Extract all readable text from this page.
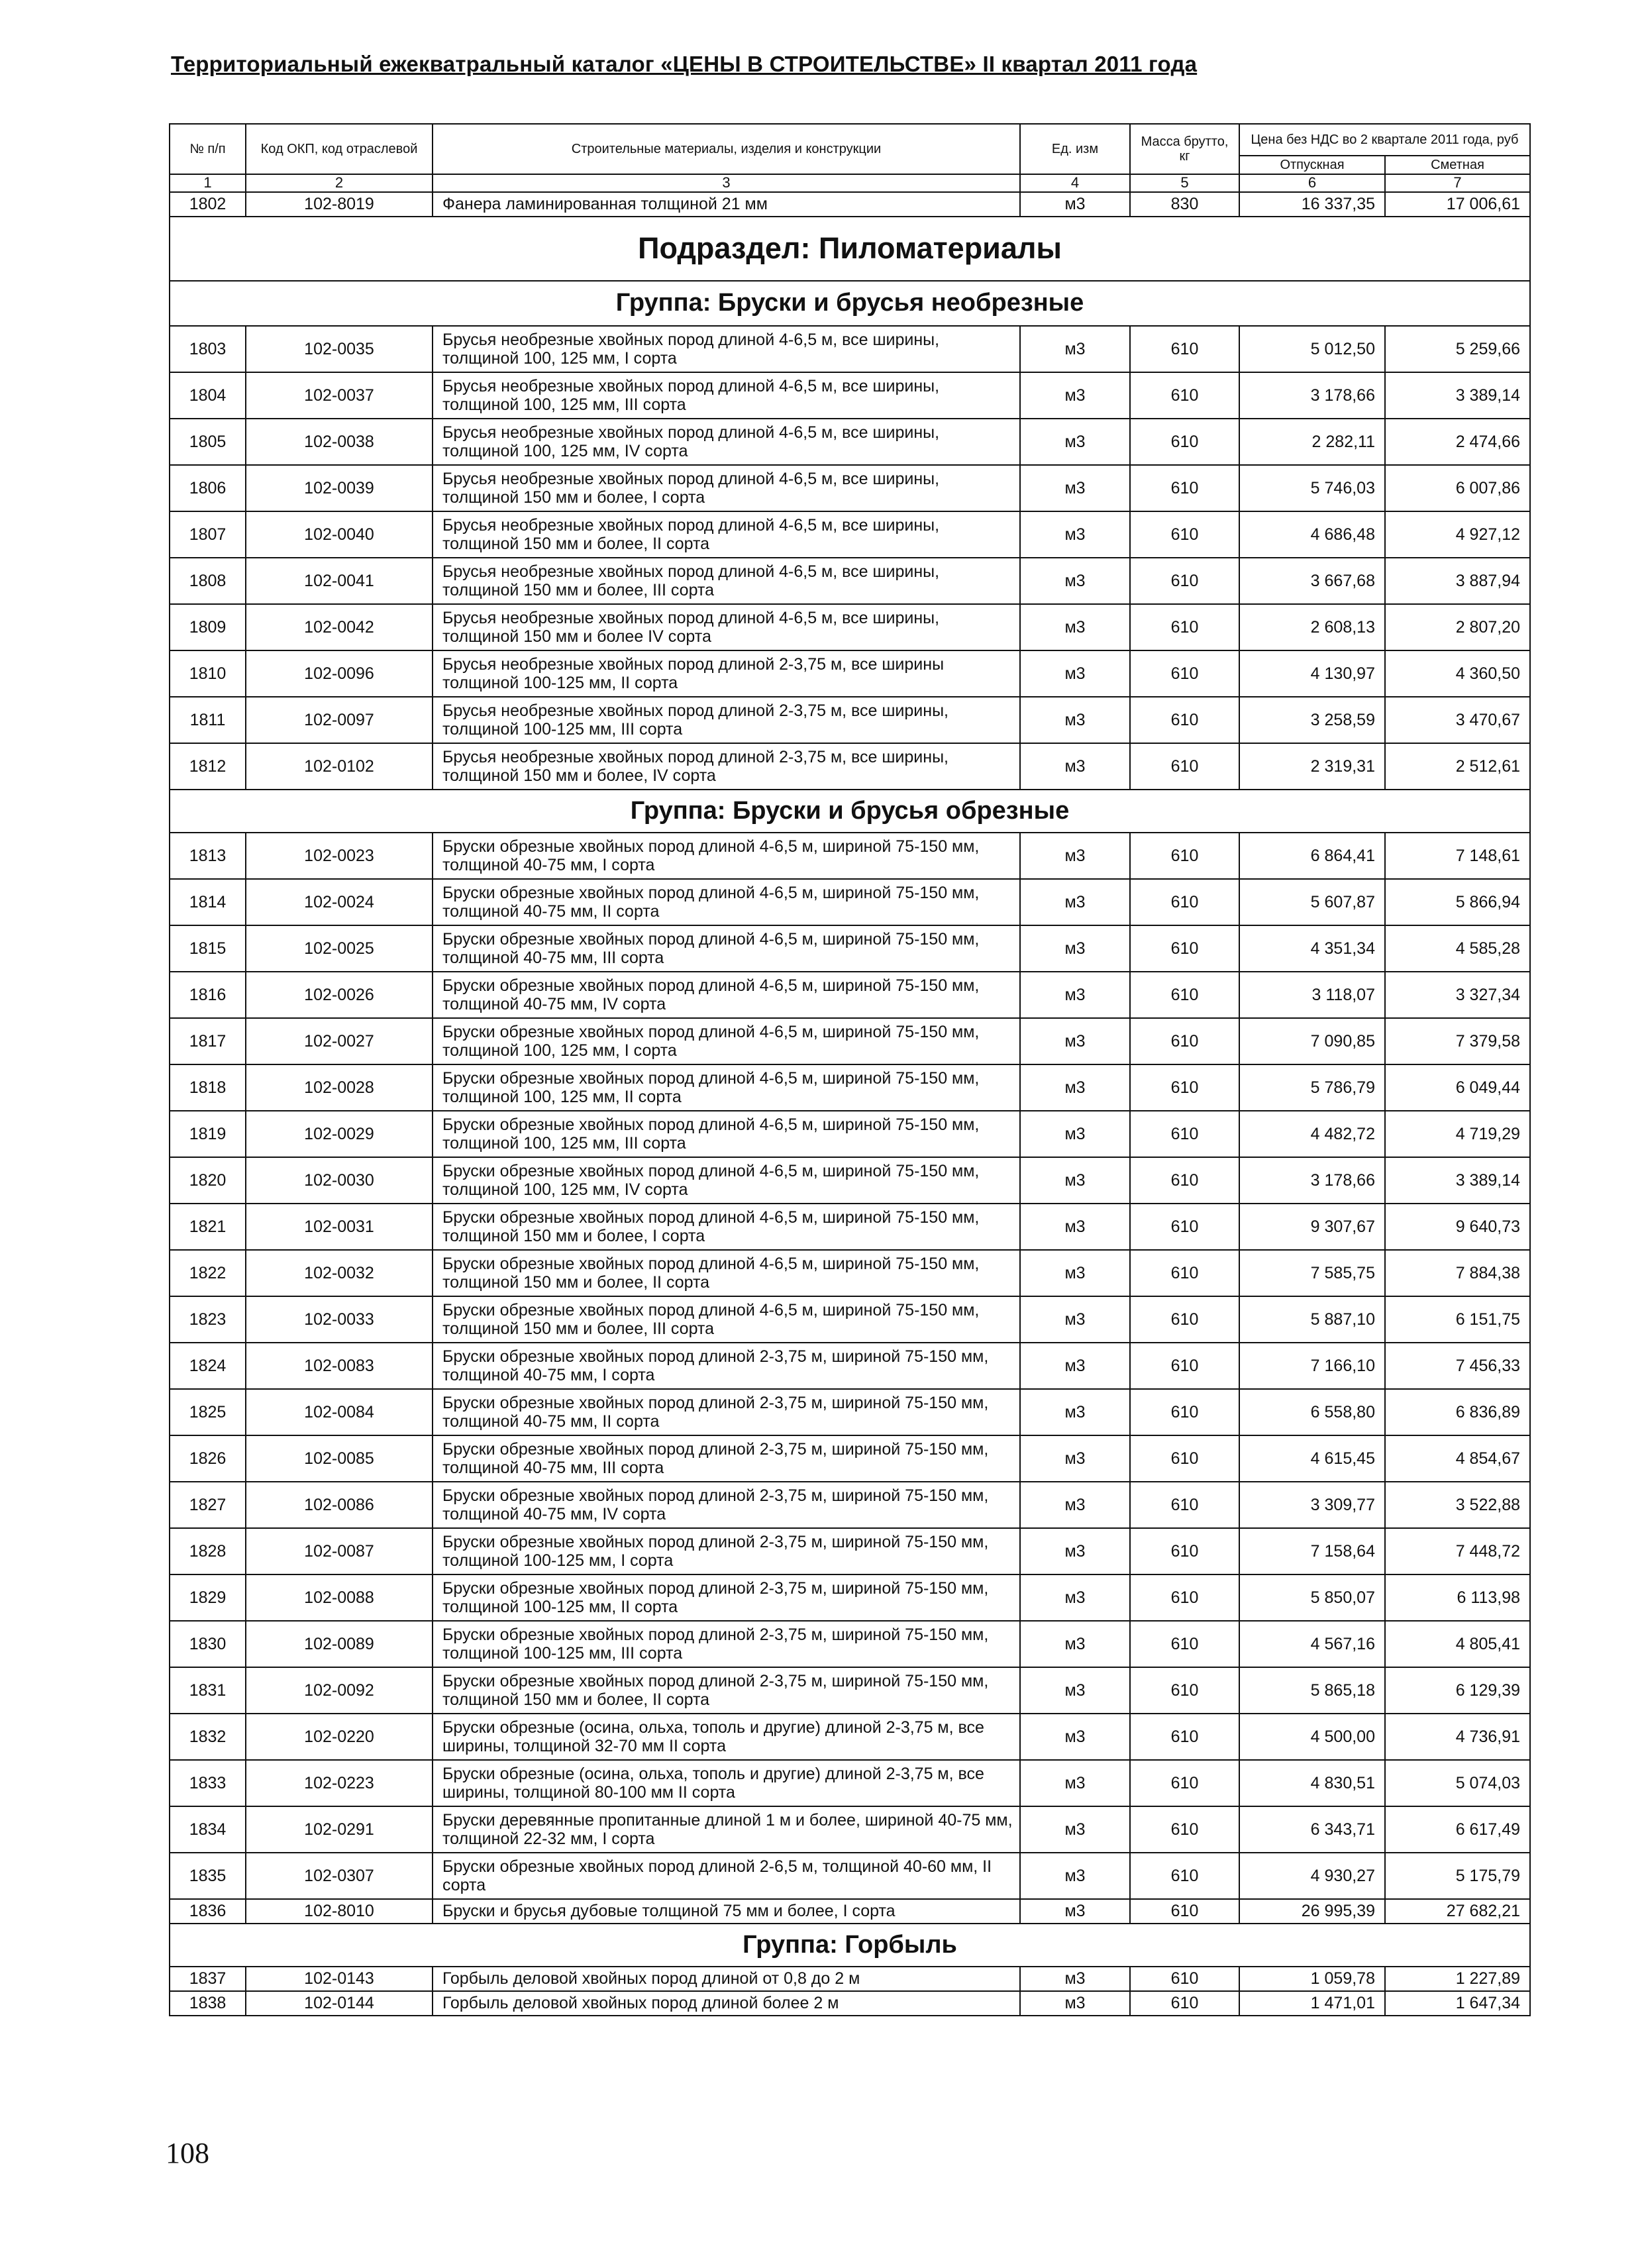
Территориальный ежекватральный каталог «ЦЕНЫ В СТРОИТЕЛЬСТВЕ» II квартал 2011 года
№ п/п	Код ОКП, код отраслевой	Строительные материалы, изделия и конструкции	Ед. изм	Масса брутто, кг	Цена без НДС во 2 квартале 2011 года, руб	
					Отпускная	Сметная
1	2	3	4	5	6	7
1802	102-8019	Фанера ламинированная толщиной 21 мм	м3	830	16 337,35	17 006,61
Подраздел: Пиломатериалы						
Группа: Бруски и брусья необрезные						
1803	102-0035	Брусья необрезные хвойных пород длиной 4-6,5 м, все ширины, толщиной 100, 125 мм, I сорта	м3	610	5 012,50	5 259,66
1804	102-0037	Брусья необрезные хвойных пород длиной 4-6,5 м, все ширины, толщиной 100, 125 мм, III сорта	м3	610	3 178,66	3 389,14
1805	102-0038	Брусья необрезные хвойных пород длиной 4-6,5 м, все ширины, толщиной 100, 125 мм, IV сорта	м3	610	2 282,11	2 474,66
1806	102-0039	Брусья необрезные хвойных пород длиной 4-6,5 м, все ширины, толщиной 150 мм и более, I сорта	м3	610	5 746,03	6 007,86
1807	102-0040	Брусья необрезные хвойных пород длиной 4-6,5 м, все ширины, толщиной 150 мм и более, II сорта	м3	610	4 686,48	4 927,12
1808	102-0041	Брусья необрезные хвойных пород длиной 4-6,5 м, все ширины, толщиной 150 мм и более, III сорта	м3	610	3 667,68	3 887,94
1809	102-0042	Брусья необрезные хвойных пород длиной 4-6,5 м, все ширины, толщиной 150 мм и более IV сорта	м3	610	2 608,13	2 807,20
1810	102-0096	Брусья необрезные хвойных пород длиной 2-3,75 м, все ширины толщиной 100-125 мм, II сорта	м3	610	4 130,97	4 360,50
1811	102-0097	Брусья необрезные хвойных пород длиной 2-3,75 м, все ширины, толщиной 100-125 мм, III сорта	м3	610	3 258,59	3 470,67
1812	102-0102	Брусья необрезные хвойных пород длиной 2-3,75 м, все ширины, толщиной 150 мм и более, IV сорта	м3	610	2 319,31	2 512,61
Группа: Бруски и брусья обрезные						
1813	102-0023	Бруски обрезные хвойных пород длиной 4-6,5 м, шириной 75-150 мм, толщиной 40-75 мм, I сорта	м3	610	6 864,41	7 148,61
1814	102-0024	Бруски обрезные хвойных пород длиной 4-6,5 м, шириной 75-150 мм, толщиной 40-75 мм, II сорта	м3	610	5 607,87	5 866,94
1815	102-0025	Бруски обрезные хвойных пород длиной 4-6,5 м, шириной 75-150 мм, толщиной 40-75 мм, III сорта	м3	610	4 351,34	4 585,28
1816	102-0026	Бруски обрезные хвойных пород длиной 4-6,5 м, шириной 75-150 мм, толщиной 40-75 мм, IV сорта	м3	610	3 118,07	3 327,34
1817	102-0027	Бруски обрезные хвойных пород длиной 4-6,5 м, шириной 75-150 мм, толщиной 100, 125 мм, I сорта	м3	610	7 090,85	7 379,58
1818	102-0028	Бруски обрезные хвойных пород длиной 4-6,5 м, шириной 75-150 мм, толщиной 100, 125 мм, II сорта	м3	610	5 786,79	6 049,44
1819	102-0029	Бруски обрезные хвойных пород длиной 4-6,5 м, шириной 75-150 мм, толщиной 100, 125 мм, III сорта	м3	610	4 482,72	4 719,29
1820	102-0030	Бруски обрезные хвойных пород длиной 4-6,5 м, шириной 75-150 мм, толщиной 100, 125 мм, IV сорта	м3	610	3 178,66	3 389,14
1821	102-0031	Бруски обрезные хвойных пород длиной 4-6,5 м, шириной 75-150 мм, толщиной 150 мм и более, I сорта	м3	610	9 307,67	9 640,73
1822	102-0032	Бруски обрезные хвойных пород длиной 4-6,5 м, шириной 75-150 мм, толщиной 150 мм и более, II сорта	м3	610	7 585,75	7 884,38
1823	102-0033	Бруски обрезные хвойных пород длиной 4-6,5 м, шириной 75-150 мм, толщиной 150 мм и более, III сорта	м3	610	5 887,10	6 151,75
1824	102-0083	Бруски обрезные хвойных пород длиной 2-3,75 м, шириной 75-150 мм, толщиной 40-75 мм, I сорта	м3	610	7 166,10	7 456,33
1825	102-0084	Бруски обрезные хвойных пород длиной 2-3,75 м, шириной 75-150 мм, толщиной 40-75 мм, II сорта	м3	610	6 558,80	6 836,89
1826	102-0085	Бруски обрезные хвойных пород длиной 2-3,75 м, шириной 75-150 мм, толщиной 40-75 мм, III сорта	м3	610	4 615,45	4 854,67
1827	102-0086	Бруски обрезные хвойных пород длиной 2-3,75 м, шириной 75-150 мм, толщиной 40-75 мм, IV сорта	м3	610	3 309,77	3 522,88
1828	102-0087	Бруски обрезные хвойных пород длиной 2-3,75 м, шириной 75-150 мм, толщиной 100-125 мм, I сорта	м3	610	7 158,64	7 448,72
1829	102-0088	Бруски обрезные хвойных пород длиной 2-3,75 м, шириной 75-150 мм, толщиной 100-125 мм, II сорта	м3	610	5 850,07	6 113,98
1830	102-0089	Бруски обрезные хвойных пород длиной 2-3,75 м, шириной 75-150 мм, толщиной 100-125 мм, III сорта	м3	610	4 567,16	4 805,41
1831	102-0092	Бруски обрезные хвойных пород длиной 2-3,75 м, шириной 75-150 мм, толщиной 150 мм и более, II сорта	м3	610	5 865,18	6 129,39
1832	102-0220	Бруски обрезные (осина, ольха, тополь и другие) длиной 2-3,75 м, все ширины, толщиной 32-70 мм II сорта	м3	610	4 500,00	4 736,91
1833	102-0223	Бруски обрезные (осина, ольха, тополь и другие) длиной 2-3,75 м, все ширины, толщиной 80-100 мм II сорта	м3	610	4 830,51	5 074,03
1834	102-0291	Бруски деревянные пропитанные длиной 1 м и более, шириной 40-75 мм, толщиной 22-32 мм, I сорта	м3	610	6 343,71	6 617,49
1835	102-0307	Бруски обрезные хвойных пород длиной 2-6,5 м, толщиной 40-60 мм, II сорта	м3	610	4 930,27	5 175,79
1836	102-8010	Бруски и брусья дубовые толщиной 75 мм и более, I сорта	м3	610	26 995,39	27 682,21
Группа: Горбыль						
1837	102-0143	Горбыль деловой хвойных пород длиной от 0,8 до 2 м	м3	610	1 059,78	1 227,89
1838	102-0144	Горбыль деловой хвойных пород длиной более 2 м	м3	610	1 471,01	1 647,34
108
